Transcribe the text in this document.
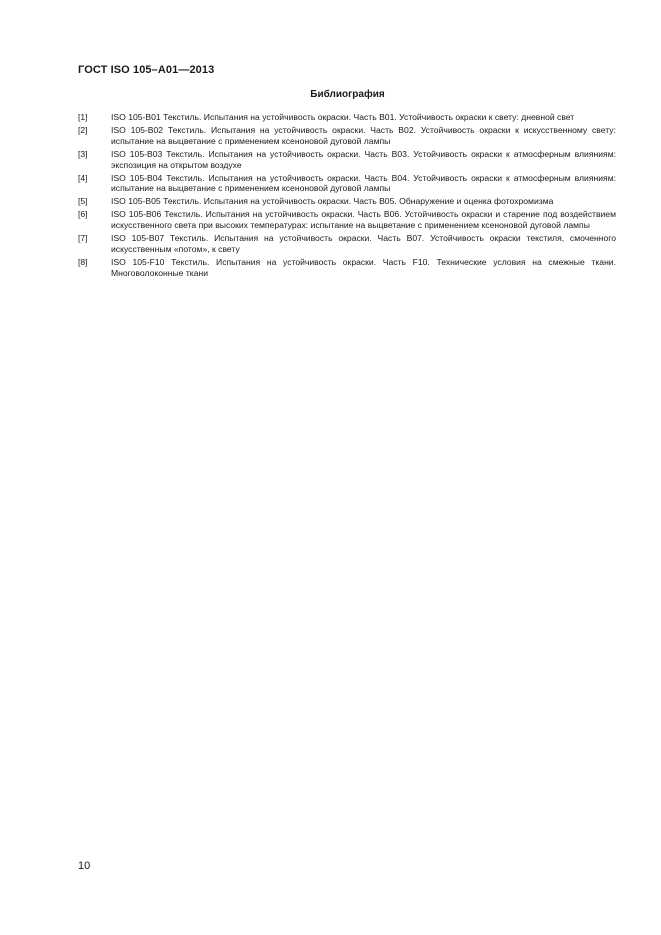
ГОСТ ISO 105–A01—2013
Библиография
[1]	ISO 105-B01 Текстиль. Испытания на устойчивость окраски. Часть B01. Устойчивость окраски к свету: дневной свет
[2]	ISO 105-B02 Текстиль. Испытания на устойчивость окраски. Часть B02. Устойчивость окраски к искусственному свету: испытание на выцветание с применением ксеноновой дуговой лампы
[3]	ISO 105-B03 Текстиль. Испытания на устойчивость окраски. Часть B03. Устойчивость окраски к атмосферным влияниям: экспозиция на открытом воздухе
[4]	ISO 105-B04 Текстиль. Испытания на устойчивость окраски. Часть B04. Устойчивость окраски к атмосферным влияниям: испытание на выцветание с применением ксеноновой дуговой лампы
[5]	ISO 105-B05 Текстиль. Испытания на устойчивость окраски. Часть B05. Обнаружение и оценка фотохромизма
[6]	ISO 105-B06 Текстиль. Испытания на устойчивость окраски. Часть B06. Устойчивость окраски и старение под воздействием искусственного света при высоких температурах: испытание на выцветание с применением ксеноновой дуговой лампы
[7]	ISO 105-B07 Текстиль. Испытания на устойчивость окраски. Часть B07. Устойчивость окраски текстиля, смоченного искусственным «потом», к свету
[8]	ISO 105-F10 Текстиль. Испытания на устойчивость окраски. Часть F10. Технические условия на смежные ткани. Многоволоконные ткани
10
